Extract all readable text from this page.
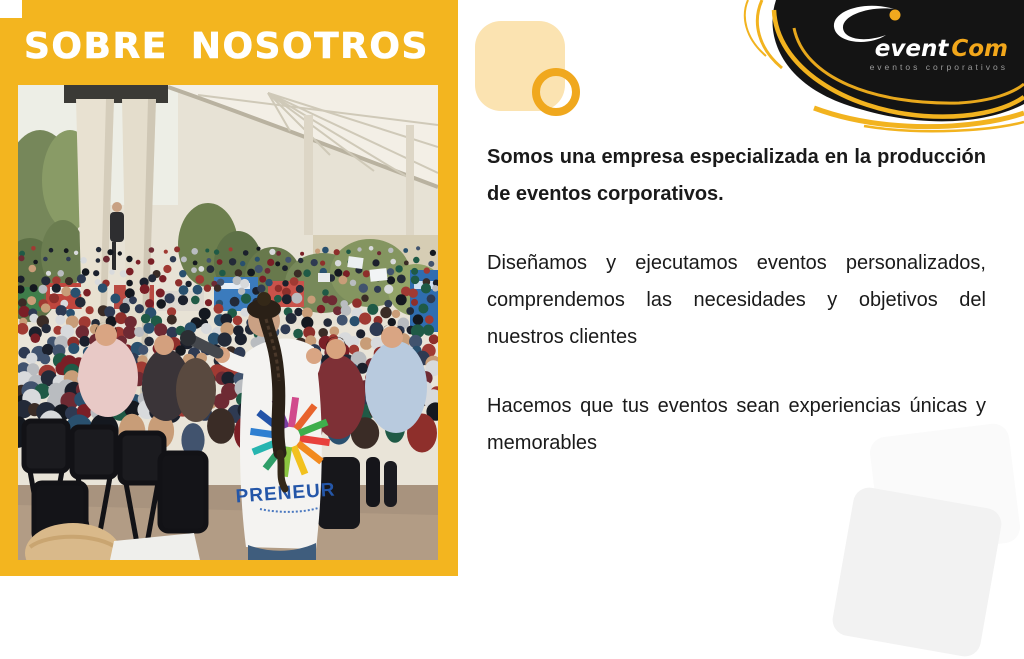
SOBRE NOSOTROS
PRENEUR

Somos una empresa especializada en la producción de eventos corporativos.

Diseñamos y ejecutamos eventos personalizados, comprendemos las necesidades y objetivos del nuestros clientes

Hacemos que tus eventos sean experiencias únicas y memorables

event Com
eventos corporativos
